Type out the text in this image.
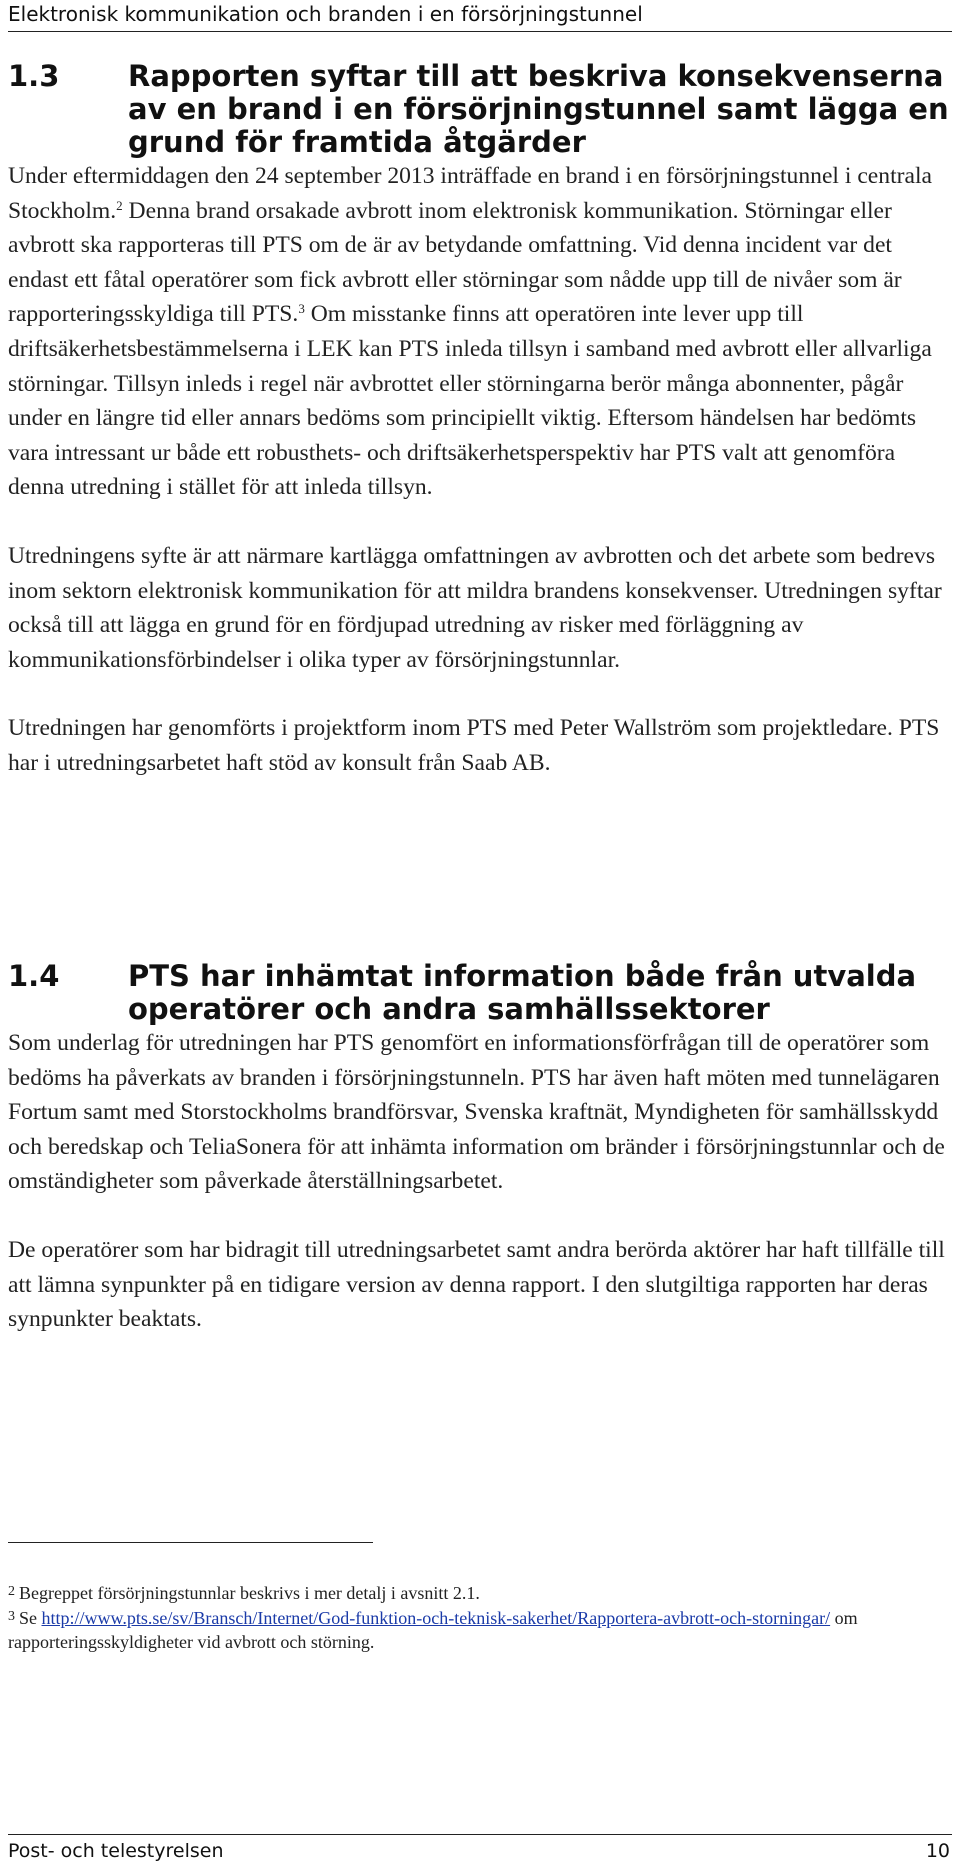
Elektronisk kommunikation och branden i en försörjningstunnel
1.3	Rapporten syftar till att beskriva konsekvenserna av en brand i en försörjningstunnel samt lägga en grund för framtida åtgärder

Under eftermiddagen den 24 september 2013 inträffade en brand i en försörjningstunnel i centrala Stockholm.$^2$ Denna brand orsakade avbrott inom elektronisk kommunikation. Störningar eller avbrott ska rapporteras till PTS om de är av betydande omfattning. Vid denna incident var det endast ett fåtal operatörer som fick avbrott eller störningar som nådde upp till de nivåer som är rapporteringsskyldiga till PTS.$^3$ Om misstanke finns att operatören inte lever upp till driftsäkerhetsbestämmelserna i LEK kan PTS inleda tillsyn i samband med avbrott eller allvarliga störningar. Tillsyn inleds i regel när avbrottet eller störningarna berör många abonnenter, pågår under en längre tid eller annars bedöms som principiellt viktig. Eftersom händelsen har bedömts vara intressant ur både ett robusthets- och driftsäkerhetsperspektiv har PTS valt att genomföra denna utredning i stället för att inleda tillsyn.

Utredningens syfte är att närmare kartlägga omfattningen av avbrotten och det arbete som bedrevs inom sektorn elektronisk kommunikation för att mildra brandens konsekvenser. Utredningen syftar också till att lägga en grund för en fördjupad utredning av risker med förläggning av kommunikationsförbindelser i olika typer av försörjningstunnlar.

Utredningen har genomförts i projektform inom PTS med Peter Wallström som projektledare. PTS har i utredningsarbetet haft stöd av konsult från Saab AB.

1.4	PTS har inhämtat information både från utvalda operatörer och andra samhällssektorer

Som underlag för utredningen har PTS genomfört en informationsförfrågan till de operatörer som bedöms ha påverkats av branden i försörjningstunneln. PTS har även haft möten med tunnelägaren Fortum samt med Storstockholms brandförsvar, Svenska kraftnät, Myndigheten för samhällsskydd och beredskap och TeliaSonera för att inhämta information om bränder i försörjningstunnlar och de omständigheter som påverkade återställningsarbetet.

De operatörer som har bidragit till utredningsarbetet samt andra berörda aktörer har haft tillfälle till att lämna synpunkter på en tidigare version av denna rapport. I den slutgiltiga rapporten har deras synpunkter beaktats.

$^2$ Begreppet försörjningstunnlar beskrivs i mer detalj i avsnitt 2.1.

$^3$ Se http://www.pts.se/sv/Bransch/Internet/God-funktion-och-teknisk-sakerhet/Rapportera-avbrott-och-storningar/ om rapporteringsskyldigheter vid avbrott och störning.

Post- och telestyrelsen	10
